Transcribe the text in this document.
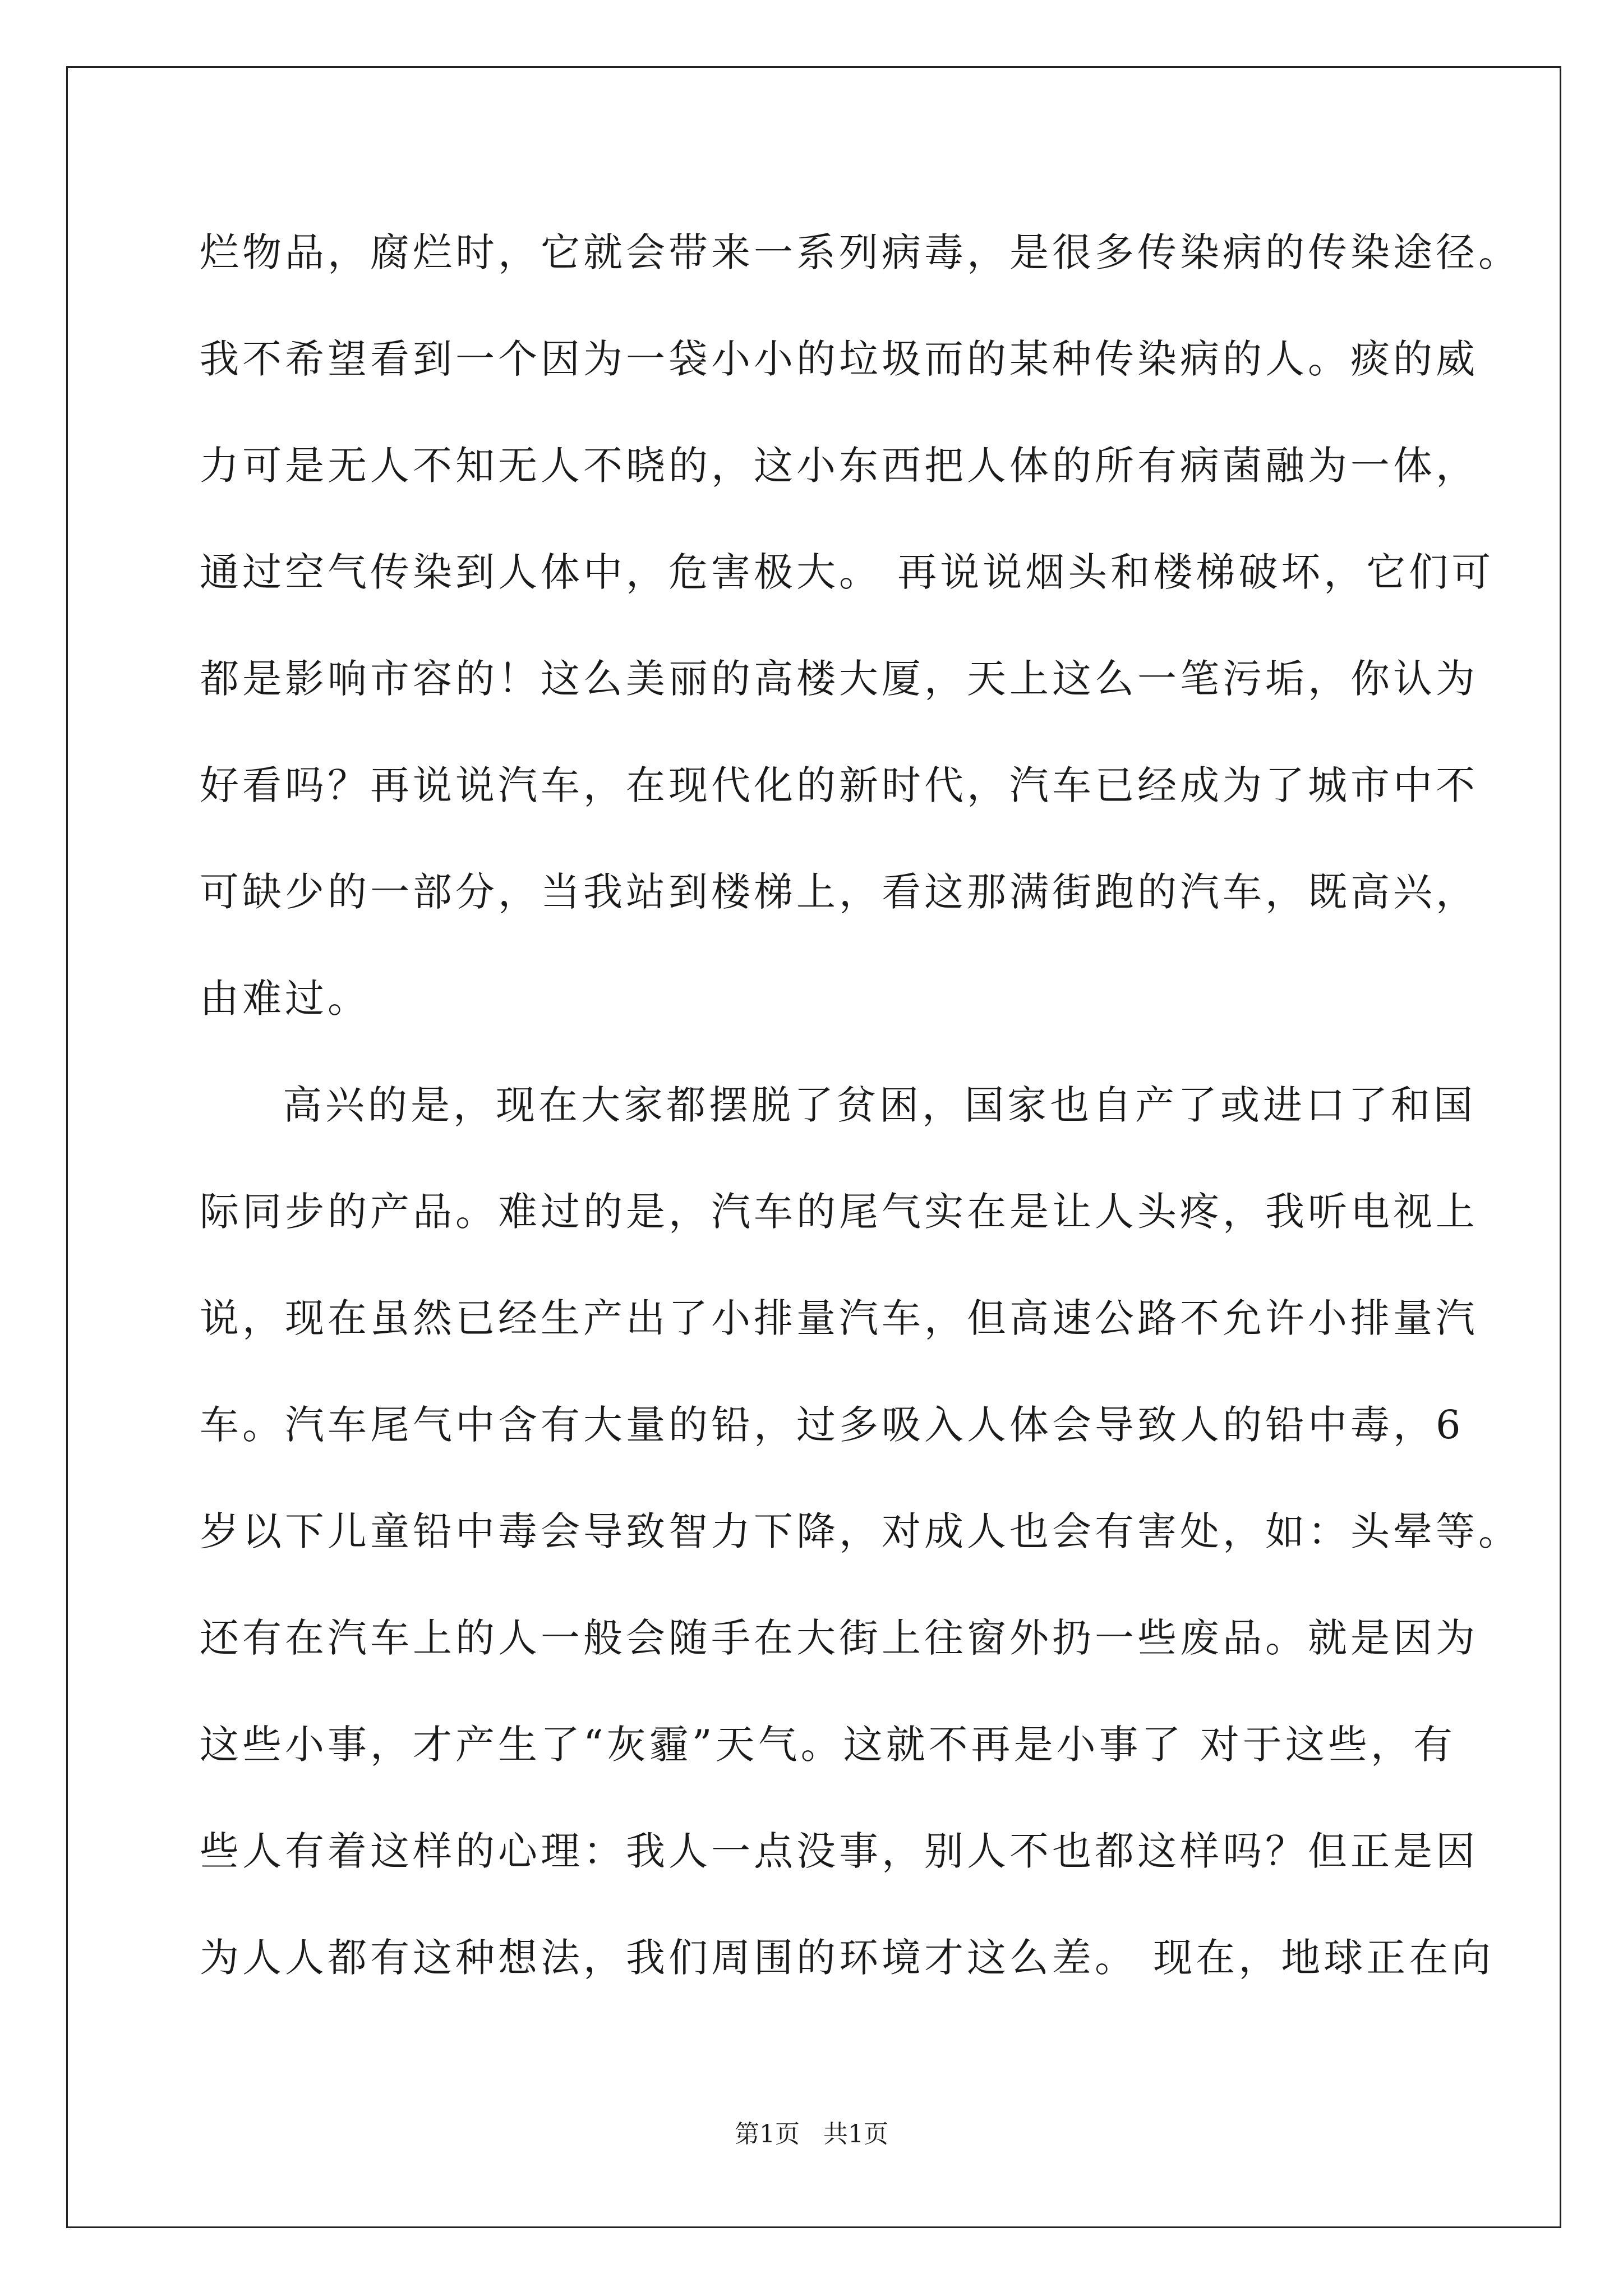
烂物品，腐烂时，它就会带来一系列病毒，是很多传染病的传染途径。
我不希望看到一个因为一袋小小的垃圾而的某种传染病的人。痰的威
力可是无人不知无人不晓的，这小东西把人体的所有病菌融为一体，
通过空气传染到人体中，危害极大。 再说说烟头和楼梯破坏，它们可
都是影响市容的！这么美丽的高楼大厦，天上这么一笔污垢，你认为
好看吗？再说说汽车，在现代化的新时代，汽车已经成为了城市中不
可缺少的一部分，当我站到楼梯上，看这那满街跑的汽车，既高兴，
由难过。
高兴的是，现在大家都摆脱了贫困，国家也自产了或进口了和国
际同步的产品。难过的是，汽车的尾气实在是让人头疼，我听电视上
说，现在虽然已经生产出了小排量汽车，但高速公路不允许小排量汽
车。汽车尾气中含有大量的铅，过多吸入人体会导致人的铅中毒，6
岁以下儿童铅中毒会导致智力下降，对成人也会有害处，如：头晕等。
还有在汽车上的人一般会随手在大街上往窗外扔一些废品。就是因为
这些小事，才产生了“灰霾”天气。这就不再是小事了 对于这些，有
些人有着这样的心理：我人一点没事，别人不也都这样吗？但正是因
为人人都有这种想法，我们周围的环境才这么差。 现在，地球正在向
第1页   共1页
